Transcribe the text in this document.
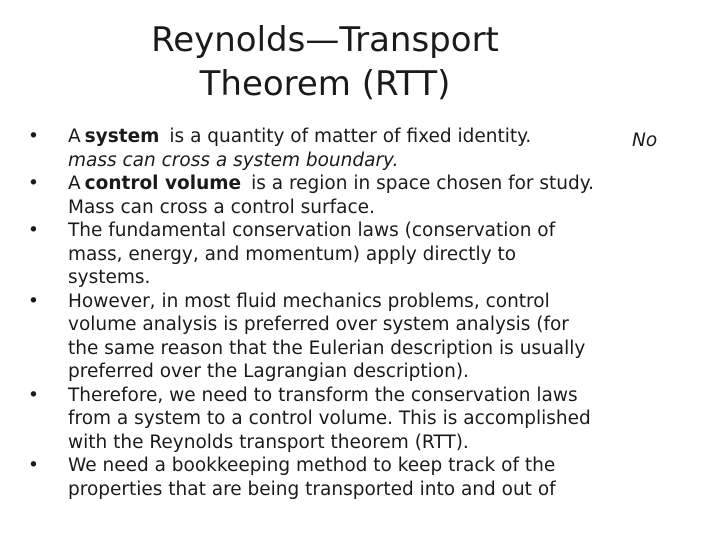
Reynolds—Transport
Theorem (RTT)
• A system is a quantity of matter of fixed identity.
mass can cross a system boundary.
• A control volume is a region in space chosen for study. Mass can cross a control surface.
• The fundamental conservation laws (conservation of mass, energy, and momentum) apply directly to systems.
• However, in most fluid mechanics problems, control volume analysis is preferred over system analysis (for the same reason that the Eulerian description is usually preferred over the Lagrangian description).
• Therefore, we need to transform the conservation laws from a system to a control volume. This is accomplished with the Reynolds transport theorem (RTT).
• We need a bookkeeping method to keep track of the properties that are being transported into and out of
No
